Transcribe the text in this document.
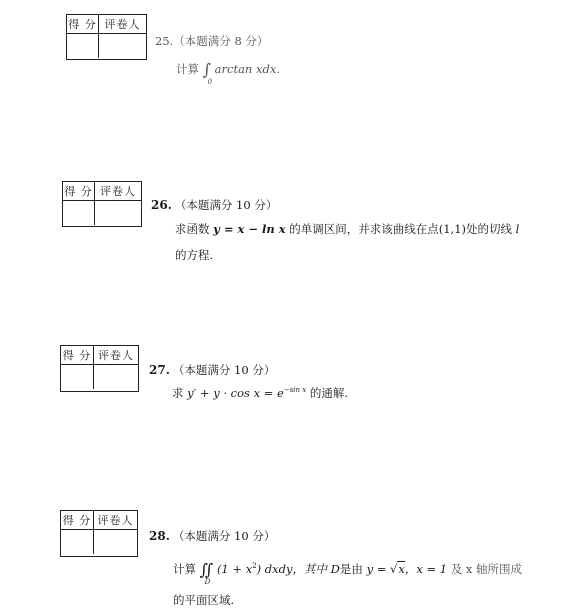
得 分 评卷人
25.（本题满分 8 分）
计算 ∫
0
arctan xdx.
得 分 评卷人
26. （本题满分 10 分）
求函数 y = x − ln x 的单调区间，并求该曲线在点(1,1)处的切线 l
的方程.
得 分 评卷人
27. （本题满分 10 分）
求 $y' + y \cdot \cos x = e^{-sin x}$ 的通解.
得 分 评卷人
28. （本题满分 10 分）
计算 ∬
D
$(1 + x^2)$ dxdy，其中 D是由 y = √x，x = 1 及 x 轴所围成
的平面区域.
